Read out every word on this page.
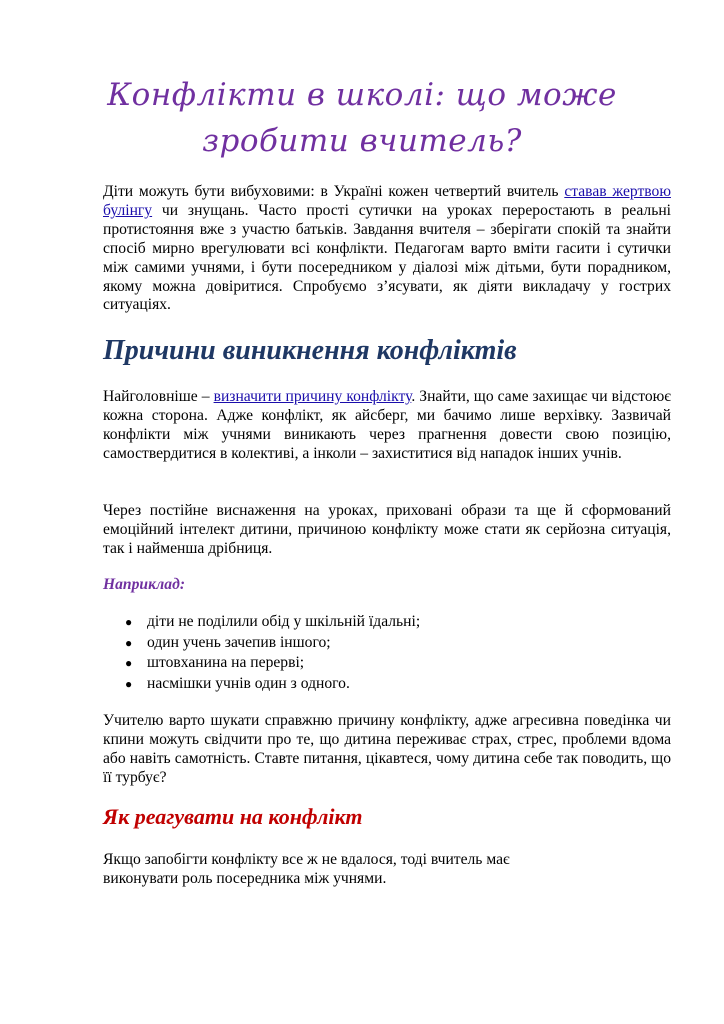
Конфлікти в школі: що може
зробити вчитель?

Діти можуть бути вибуховими: в Україні кожен четвертий вчитель ставав жертвою булінгу чи знущань. Часто прості сутички на уроках переростають в реальні протистояння вже з участю батьків. Завдання вчителя – зберігати спокій та знайти спосіб мирно врегулювати всі конфлікти. Педагогам варто вміти гасити і сутички між самими учнями, і бути посередником у діалозі між дітьми, бути порадником, якому можна довіритися. Спробуємо з’ясувати, як діяти викладачу у гострих ситуаціях.

Причини виникнення конфліктів

Найголовніше – визначити причину конфлікту. Знайти, що саме захищає чи відстоює кожна сторона. Адже конфлікт, як айсберг, ми бачимо лише верхівку. Зазвичай конфлікти між учнями виникають через прагнення довести свою позицію, самоствердитися в колективі, а інколи – захиститися від нападок інших учнів.

Через постійне виснаження на уроках, приховані образи та ще й сформований емоційний інтелект дитини, причиною конфлікту може стати як серйозна ситуація, так і найменша дрібниця.

Наприклад:

● діти не поділили обід у шкільній їдальні;
● один учень зачепив іншого;
● штовханина на перерві;
● насмішки учнів один з одного.

Учителю варто шукати справжню причину конфлікту, адже агресивна поведінка чи кпини можуть свідчити про те, що дитина переживає страх, стрес, проблеми вдома або навіть самотність. Ставте питання, цікавтеся, чому дитина себе так поводить, що її турбує?

Як реагувати на конфлікт

Якщо запобігти конфлікту все ж не вдалося, тоді вчитель має виконувати роль посередника між учнями.
